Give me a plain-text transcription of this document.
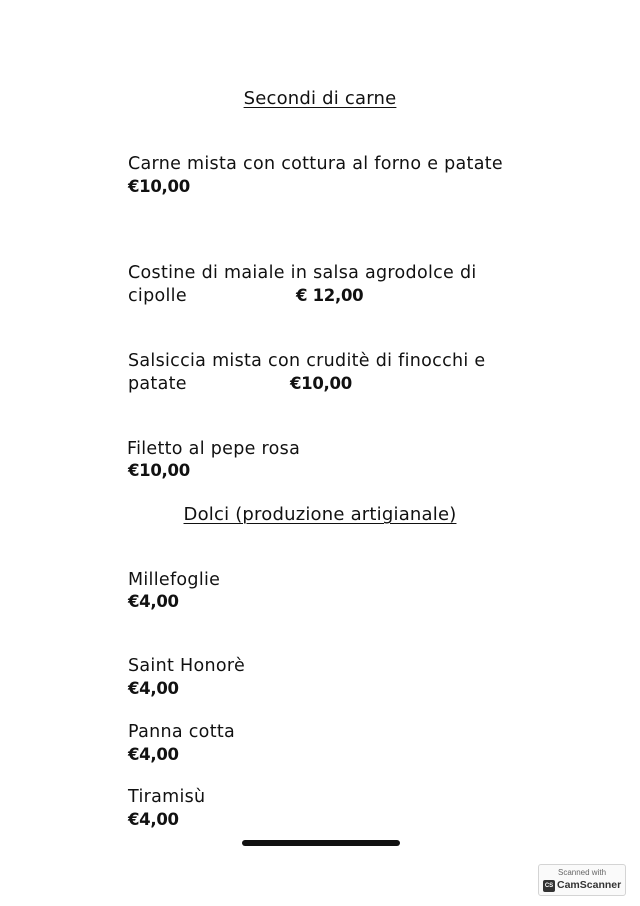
Secondi di carne
Carne mista con cottura al forno e patate
€10,00
Costine di maiale in salsa agrodolce di
cipolle	€ 12,00
Salsiccia mista con cruditè di finocchi e
patate	€10,00
Filetto al pepe rosa
€10,00
Dolci (produzione artigianale)
Millefoglie
€4,00
Saint Honorè
€4,00
Panna cotta
€4,00
Tiramisù
€4,00
Scanned with
CS CamScanner
